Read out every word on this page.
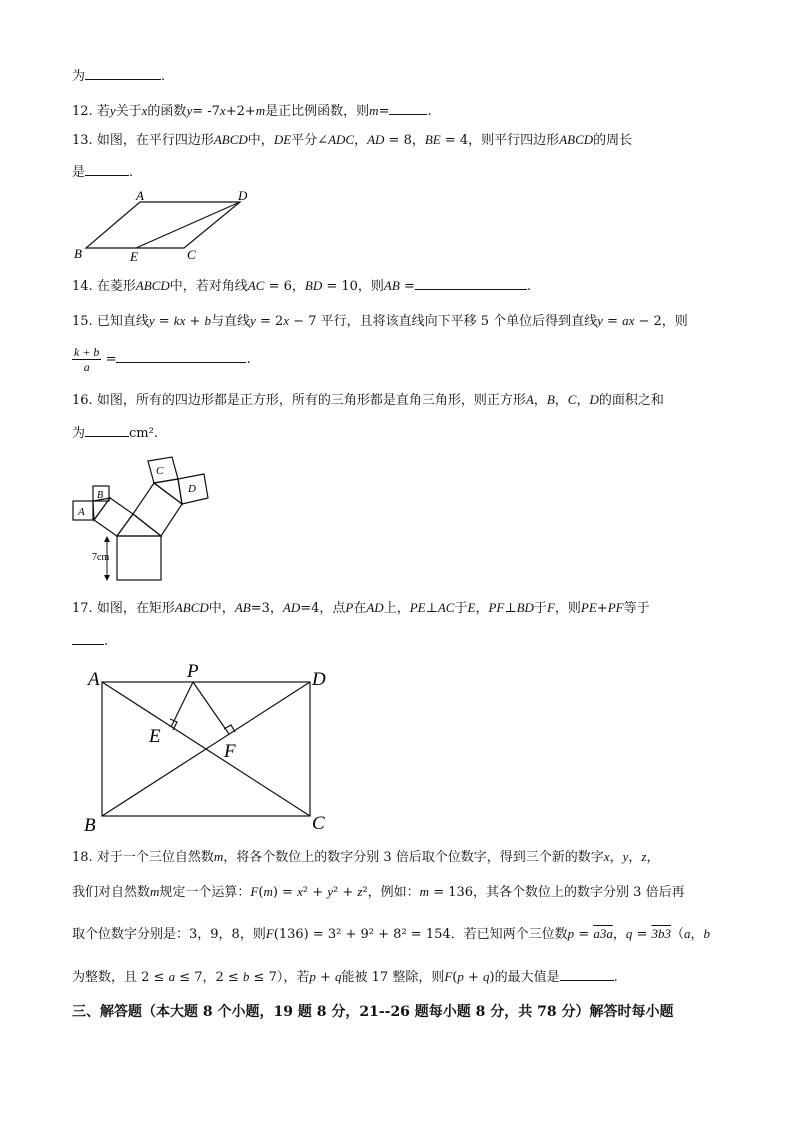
为	.
12. 若y关于x的函数y= -7x+2+m是正比例函数，则m=	.
13. 如图，在平行四边形ABCD中，DE平分∠ADC，AD = 8，BE = 4，则平行四边形ABCD的周长
是	.
A	D
B	E	C
14. 在菱形ABCD中，若对角线AC = 6，BD = 10，则AB =	.
15. 已知直线y = kx + b与直线y = 2x − 7 平行，且将该直线向下平移 5 个单位后得到直线y = ax − 2，则
$\frac{k + b}{a}$ =	.
16. 如图，所有的四边形都是正方形，所有的三角形都是直角三角形，则正方形A，B，C，D的面积之和
为	cm².
A
B
C
D
7cm
17. 如图，在矩形ABCD中，AB=3，AD=4，点P在AD上，PE⊥AC于E，PF⊥BD于F，则PE+PF等于
.
A	P	D
E
F
B	C
18. 对于一个三位自然数m，将各个数位上的数字分别 3 倍后取个位数字，得到三个新的数字x，y，z，
我们对自然数m规定一个运算：F(m) = x² + y² + z²，例如：m = 136，其各个数位上的数字分别 3 倍后再
取个位数字分别是：3，9，8，则F(136) = 3² + 9² + 8² = 154．若已知两个三位数p = a3a，q = 3b3（a，b
为整数，且 2 ≤ a ≤ 7，2 ≤ b ≤ 7），若p + q能被 17 整除，则F(p + q)的最大值是	.
三、解答题（本大题 8 个小题，19 题 8 分，21--26 题每小题 8 分，共 78 分）解答时每小题
